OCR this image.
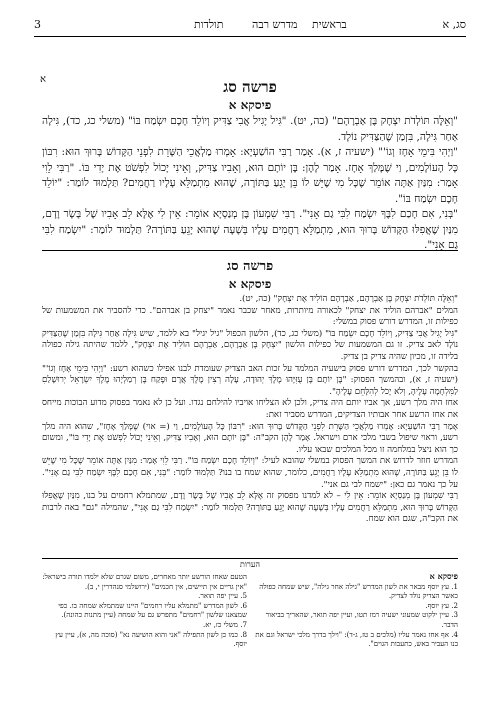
3	תולדות	מדרש רבה בראשית	סג, א
פרשה סג
פיסקא א
א

"וְאֵלֶּה תּוֹלְדֹת יִצְחָק בֶּן אַבְרָהָם" (כה, יט). "גִּיל יָגִיל אֲבִי צַדִּיק וְיוֹלֵד חָכָם יִשְׂמַח בּוֹ" (משלי כג, כד), גִּילָה אַחַר גִּילָה, בִּזְמַן שֶׁהַצַּדִּיק נוֹלָד.

"וַיְהִי בִּימֵי אָחָז וְגוֹ'" (ישעיה ז, א). אָמַר רַבִּי הוֹשַׁעְיָא: אָמְרוּ מַלְאֲכֵי הַשָּׁרֵת לִפְנֵי הַקָּדוֹשׁ בָּרוּךְ הוּא: רִבּוֹן כָּל הָעוֹלָמִים, וַי שֶׁמָּלַךְ אָחָז. אָמַר לָהֶן: בֶּן יוֹתָם הוּא, וְאָבִיו צַדִּיק, וְאֵינִי יָכוֹל לִפְשֹׁט אֶת יָדִי בּוֹ. "רַבִּי לֵוִי אָמַר: מִנַּיִן אַתָּה אוֹמֵר שֶׁכָּל מִי שֶׁיֵּשׁ לוֹ בֵּן יָגֵעַ בַּתּוֹרָה, שֶׁהוּא מִתְמַלֵּא עָלָיו רַחֲמִים? תַּלְמוּד לוֹמַר: "יוֹלֵד חָכָם יִשְׂמַח בּוֹ".

"בְּנִי, אִם חָכַם לִבֶּךָ יִשְׂמַח לִבִּי גַם אָנִי". רַבִּי שִׁמְעוֹן בֶּן מְנַסְיָא אוֹמֵר: אֵין לִי אֶלָּא לֵב אָבִיו שֶׁל בָּשָׂר וָדָם, מִנַּיִן שֶׁאֲפִלּוּ הַקָּדוֹשׁ בָּרוּךְ הוּא, מִתְמַלֵּא רַחֲמִים עָלָיו בְּשָׁעָה שֶׁהוּא יָגֵעַ בַּתּוֹרָה? תַּלְמוּד לוֹמַר: "יִשְׂמַח לִבִּי גַם אָנִי".

פרשה סג
פיסקא א

"וְאֵלֶּה תּוֹלְדֹת יִצְחָק בֶּן אַבְרָהָם, אַבְרָהָם הוֹלִיד אֶת יִצְחָק" (כה, יט).

המלים "אברהם הוליד את יצחק" לכאורה מיותרות, מאחר שכבר נאמר "יצחק בן אברהם". כדי להסביר את המשמעות של כפילות זו, המדרש דורש פסוק במשלי:

"גִּיל יָגִיל אֲבִי צַדִּיק, וְיוֹלֵד חָכָם יִשְׂמַח בּוֹ" (משלי כג, כד), הלשון הכפול "גיל יגיל" בא ללמד, שיש גִּילָה אַחַר גִּילָה בִּזְמַן שֶׁהַצַּדִּיק נוֹלָד לאב צדיק. זו גם המשמעות של כפילות הלשון "יִצְחָק בֶּן אַבְרָהָם, אַבְרָהָם הוֹלִיד אֶת יִצְחָק", ללמד שהיתה גילה כפולה בלידה זו, מכיון שהיה צדיק בן צדיק.

בהקשר לכך, המדרש דורש פסוק בישעיה המלמד על זכות האב הצדיק שעומדת לבנו אפילו כשהוא רשע: "וַיְהִי בִּימֵי אָחָז וְגוֹ'" (ישעיה ז, א), ובהמשך הפסוק: "בֶּן יוֹתָם בֶּן עֻזִּיָּהוּ מֶלֶךְ יְהוּדָה, עָלָה רְצִין מֶלֶךְ אֲרָם וּפֶקַח בֶּן רְמַלְיָהוּ מֶלֶךְ יִשְׂרָאֵל יְרוּשָׁלַםִ לַמִּלְחָמָה עָלֶיהָ, וְלֹא יָכֹל לְהִלָּחֵם עָלֶיהָ".

אחז היה מלך רשע, אך אביו יותם היה צדיק, ולכן לא הצליחו אויביו להילחם נגדו. ועל כן לא נאמר בפסוק מדוע הבוכות מייחס את אחז הרשע אחר אבותיו הצדיקים, המדרש מסביר זאת:

אָמַר רַבִּי הוֹשַׁעְיָא: אָמְרוּ מַלְאֲכֵי הַשָּׁרֵת לִפְנֵי הַקָּדוֹשׁ בָּרוּךְ הוּא: "רִבּוֹן כָּל הָעוֹלָמִים, וַי (= אוי) שֶׁמָּלַךְ אָחָז", שהוא היה מלך רשע, וראוי שיפול בשבי מלכי ארם וישראל. אָמַר לָהֶן הקב"ה: "בֶּן יוֹתָם הוּא, וְאָבִיו צַדִּיק, וְאֵינִי יָכוֹל לִפְשֹׁט אֶת יָדִי בּוֹ", ומשום כך הוא ניצל במלחמה זו מכל המלכים שבאו עליו.

המדרש חוזר לדרוש את המשך הפסוק במשלי שהובא לעיל: "וְיוֹלֵד חָכָם יִשְׂמַח בּוֹ". רַבִּי לֵוִי אָמַר: מִנַּיִן אַתָּה אוֹמֵר שֶׁכָּל מִי שֶׁיֵּשׁ לוֹ בֵּן יָגֵעַ בַּתּוֹרָה, שֶׁהוּא מִתְמַלֵּא עָלָיו רַחֲמִים, כלומר, שהוא שמח בו בנו? תַּלְמוּד לוֹמַר: "בְּנִי, אִם חָכַם לִבֶּךָ יִשְׂמַח לִבִּי גַם אָנִי". על כך נאמר גם כאן: "ישמח לבי גם אני".

רַבִּי שִׁמְעוֹן בֶּן מְנַסְיָא אוֹמֵר: אֵין לִי – לא למדנו מפסוק זה אֶלָּא לֵב אָבִיו שֶׁל בָּשָׂר וָדָם, שמתמלא רחמים על בנו, מִנַּיִן שֶׁאֲפִלּוּ הַקָּדוֹשׁ בָּרוּךְ הוּא, מִתְמַלֵּא רַחֲמִים עָלָיו בְּשָׁעָה שֶׁהוּא יָגֵעַ בַּתּוֹרָה? תַּלְמוּד לוֹמַר: "יִשְׂמַח לִבִּי גַם אָנִי", שהמילה "גם" באה לרבות את הקב"ה, שגם הוא שמח.

הערות

הטעם שאחז הורשע יותר מאחרים, משום שגרם שלא ילמדו תורה בישראל: "אין גדיים אין תיישים, אין חכמים" (ירושלמי סנהדרין י, ב).

5. עיין יפה תואר.

6. לשון המדרש "מתמלא עליו רחמים" היינו שמתמלא שמחה בו. כפי שמצאנו שלשון "רחמים" מתפרש גם על שמחה (עיין מתנות כהונה).

7. משלי כז, יא.

8. כמו כן לשון התפילה "אני והוא הושיעה נא" (סוכה מה, א), עיין עץ יוסף.

פיסקא א

1. עץ יוסף מבאר את לשון המדרש "גילה אחר גילה", שיש שמחה כפולה כאשר הצדיק נולד לצדיק.

2. עץ יוסף.

3. עיין ילקוט שמעוני ישעיה רמז תטו, ועיין יפה תואר, שהאריך בביאור הדבר.

4. אף אחז נאמר עליו (מלכים ב טז, ג-ד): "וילך בדרך מלכי ישראל וגם את בנו העביר באש, כתעבות הגוים".
